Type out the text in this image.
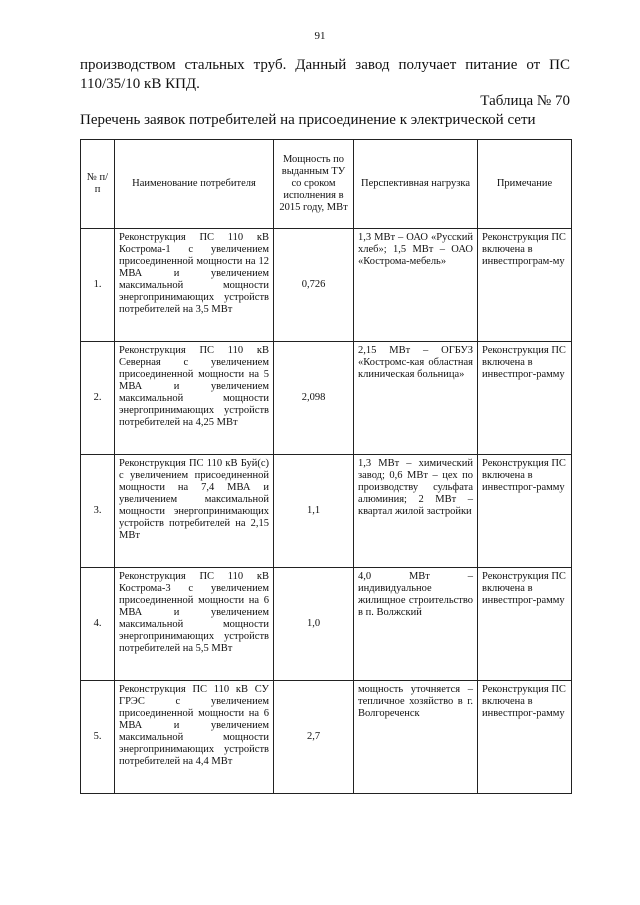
91
производством стальных труб. Данный завод получает питание от ПС 110/35/10 кВ КПД.
Таблица № 70
Перечень заявок потребителей на присоединение к электрической сети
№ п/п	Наименование потребителя	Мощность по выданным ТУ со сроком исполнения в 2015 году, МВт	Перспективная нагрузка	Примечание
1.	Реконструкция ПС 110 кВ Кострома-1 с увеличением присоединенной мощности на 12 МВА и увеличением максимальной мощности энергопринимающих устройств потребителей на 3,5 МВт	0,726	1,3 МВт – ОАО «Русский хлеб»; 1,5 МВт – ОАО «Кострома-мебель»	Реконструкция ПС включена в инвестпрограм-му
2.	Реконструкция ПС 110 кВ Северная с увеличением присоединенной мощности на 5 МВА и увеличением максимальной мощности энергопринимающих устройств потребителей на 4,25 МВт	2,098	2,15 МВт – ОГБУЗ «Костромс-кая областная клиническая больница»	Реконструкция ПС включена в инвестпрог-рамму
3.	Реконструкция ПС 110 кВ Буй(с) с увеличением присоединенной мощности на 7,4 МВА и увеличением максимальной мощности энергопринимающих устройств потребителей на 2,15 МВт	1,1	1,3 МВт – химический завод; 0,6 МВт – цех по производству сульфата алюминия; 2 МВт – квартал жилой застройки	Реконструкция ПС включена в инвестпрог-рамму
4.	Реконструкция ПС 110 кВ Кострома-3 с увеличением присоединенной мощности на 6 МВА и увеличением максимальной мощности энергопринимающих устройств потребителей на 5,5 МВт	1,0	4,0 МВт – индивидуальное жилищное строительство в п. Волжский	Реконструкция ПС включена в инвестпрог-рамму
5.	Реконструкция ПС 110 кВ СУ ГРЭС с увеличением присоединенной мощности на 6 МВА и увеличением максимальной мощности энергопринимающих устройств потребителей на 4,4 МВт	2,7	мощность уточняется – тепличное хозяйство в г. Волгореченск	Реконструкция ПС включена в инвестпрог-рамму
